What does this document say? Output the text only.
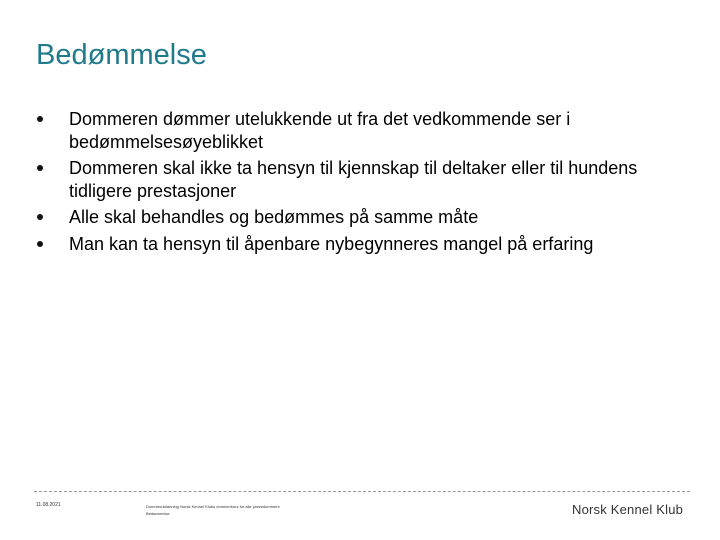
Bedømmelse
Dommeren dømmer utelukkende ut fra det vedkommende ser i bedømmelsesøyeblikket
Dommeren skal ikke ta hensyn til kjennskap til deltaker eller til hundens tidligere prestasjoner
Alle skal behandles og bedømmes på samme måte
Man kan ta hensyn til åpenbare nybegynneres mangel på erfaring
11.08.2021	Dommerutdanning Norsk Kennel Klubs dommerkurs for alle prøvedommere
Bedømmelse	Norsk Kennel Klub
